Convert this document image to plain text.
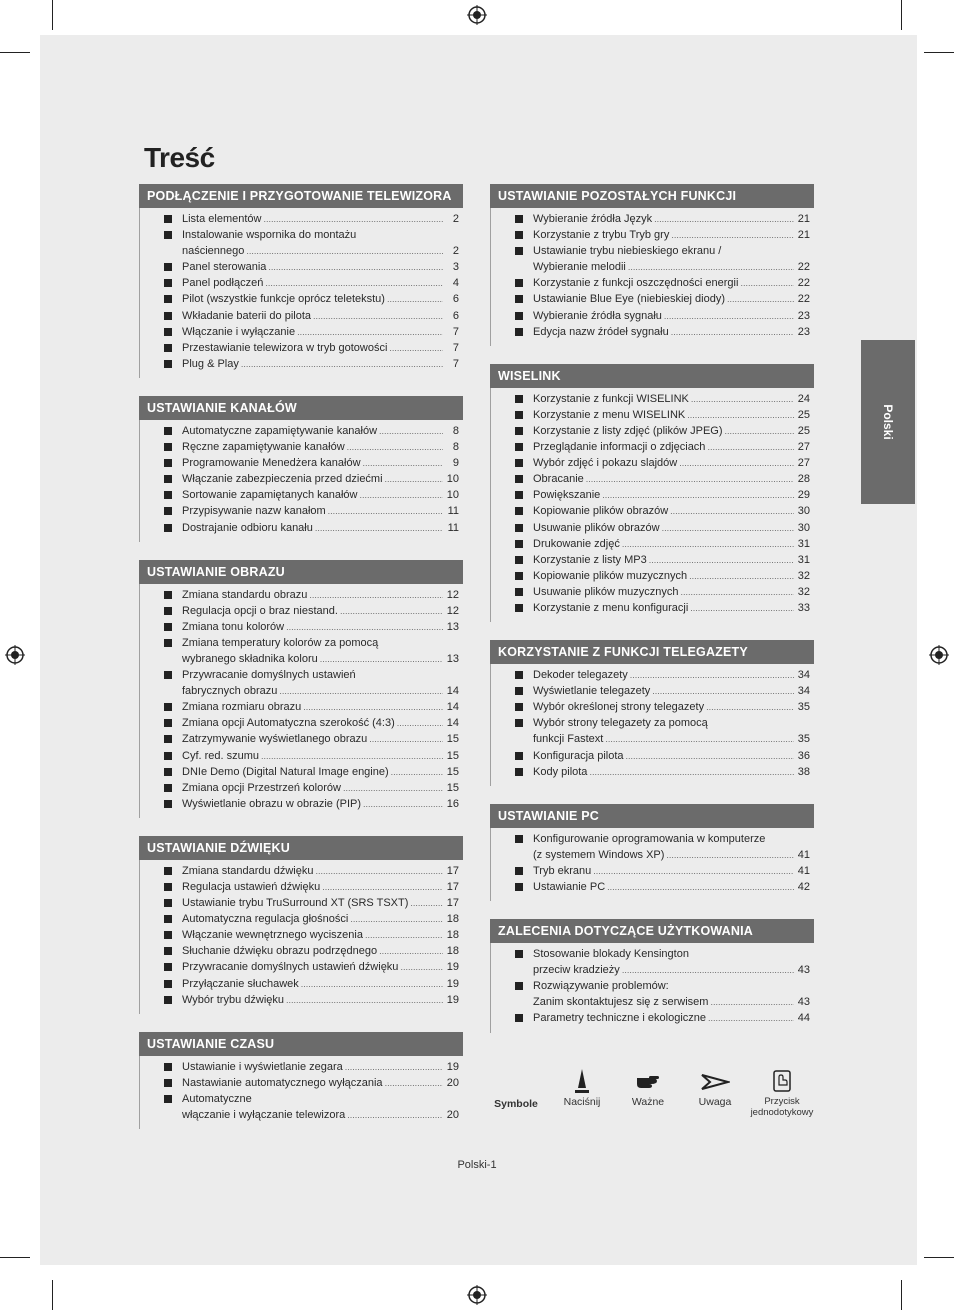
Treść
Polski
PODŁĄCZENIE I PRZYGOTOWANIE TELEWIZORA
Lista elementów .....	2
Instalowanie wspornika do montażu
naściennego .....	2
Panel sterowania .....	3
Panel podłączeń .....	4
Pilot (wszystkie funkcje oprócz teletekstu) .....	6
Wkładanie baterii do pilota .....	6
Włączanie i wyłączanie .....	7
Przestawianie telewizora w tryb gotowości .....	7
Plug & Play .....	7
USTAWIANIE KANAŁÓW
Automatyczne zapamiętywanie kanałów .....	8
Ręczne zapamiętywanie kanałów .....	8
Programowanie Menedżera kanałów .....	9
Włączanie zabezpieczenia przed dziećmi .....	10
Sortowanie zapamiętanych kanałów .....	10
Przypisywanie nazw kanałom .....	11
Dostrajanie odbioru kanału .....	11
USTAWIANIE OBRAZU
Zmiana standardu obrazu .....	12
Regulacja opcji o braz niestand. .....	12
Zmiana tonu kolorów .....	13
Zmiana temperatury kolorów za pomocą
wybranego składnika koloru .....	13
Przywracanie domyślnych ustawień
fabrycznych obrazu .....	14
Zmiana rozmiaru obrazu .....	14
Zmiana opcji Automatyczna szerokość (4:3) .....	14
Zatrzymywanie wyświetlanego obrazu .....	15
Cyf. red. szumu .....	15
DNIe Demo (Digital Natural Image engine) .....	15
Zmiana opcji Przestrzeń kolorów .....	15
Wyświetlanie obrazu w obrazie (PIP) .....	16
USTAWIANIE DŹWIĘKU
Zmiana standardu dźwięku .....	17
Regulacja ustawień dźwięku .....	17
Ustawianie trybu TruSurround XT (SRS TSXT) .....	17
Automatyczna regulacja głośności .....	18
Włączanie wewnętrznego wyciszenia .....	18
Słuchanie dźwięku obrazu podrzędnego .....	18
Przywracanie domyślnych ustawień dźwięku .....	19
Przyłączanie słuchawek .....	19
Wybór trybu dźwięku .....	19
USTAWIANIE CZASU
Ustawianie i wyświetlanie zegara .....	19
Nastawianie automatycznego wyłączania .....	20
Automatyczne
włączanie i wyłączanie telewizora .....	20
USTAWIANIE POZOSTAŁYCH FUNKCJI
Wybieranie źródła Język .....	21
Korzystanie z trybu Tryb gry .....	21
Ustawianie trybu niebieskiego ekranu /
Wybieranie melodii .....	22
Korzystanie z funkcji oszczędności energii .....	22
Ustawianie Blue Eye (niebieskiej diody) .....	22
Wybieranie źródła sygnału .....	23
Edycja nazw źródeł sygnału .....	23
WISELINK
Korzystanie z funkcji WISELINK .....	24
Korzystanie z menu WISELINK .....	25
Korzystanie z listy zdjęć (plików JPEG) .....	25
Przeglądanie informacji o zdjęciach .....	27
Wybór zdjęć i pokazu slajdów .....	27
Obracanie .....	28
Powiększanie .....	29
Kopiowanie plików obrazów .....	30
Usuwanie plików obrazów .....	30
Drukowanie zdjęć .....	31
Korzystanie z listy MP3 .....	31
Kopiowanie plików muzycznych .....	32
Usuwanie plików muzycznych .....	32
Korzystanie z menu konfiguracji .....	33
KORZYSTANIE Z FUNKCJI TELEGAZETY
Dekoder telegazety .....	34
Wyświetlanie telegazety .....	34
Wybór określonej strony telegazety .....	35
Wybór strony telegazety za pomocą
funkcji Fastext .....	35
Konfiguracja pilota .....	36
Kody pilota .....	38
USTAWIANIE PC
Konfigurowanie oprogramowania w komputerze
(z systemem Windows XP) .....	41
Tryb ekranu .....	41
Ustawianie PC .....	42
ZALECENIA DOTYCZĄCE UŻYTKOWANIA
Stosowanie blokady Kensington
przeciw kradzieży .....	43
Rozwiązywanie problemów:
Zanim skontaktujesz się z serwisem .....	43
Parametry techniczne i ekologiczne .....	44
Symbole	Naciśnij	Ważne	Uwaga	Przycisk
jednodotykowy
Polski-1
